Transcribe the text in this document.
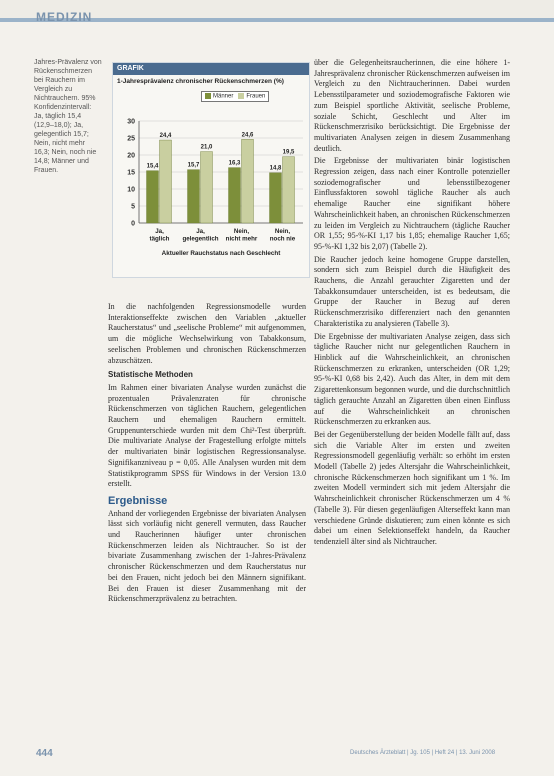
MEDIZIN
Jahres-Prävalenz von Rückenschmerzen bei Rauchern im Vergleich zu Nichtrauchern. 95% Konfidenzintervall: Ja, täglich 15,4 (12,9–18,0); Ja, gelegentlich 15,7; Nein, nicht mehr 16,3; Nein, noch nie 14,8; Männer und Frauen.
GRAFIK
1-Jahresprävalenz chronischer Rückenschmerzen (%)
Männer	Frauen
0
5
10
15
20
25
30
15,4
24,4
Ja,
täglich
15,7
21,0
Ja,
gelegentlich
16,3
24,6
Nein,
nicht mehr
14,8
19,5
Nein,
noch nie
Aktueller Rauchstatus nach Geschlecht

In die nachfolgenden Regressionsmodelle wurden Interaktionseffekte zwischen den Variablen „aktueller Raucherstatus“ und „seelische Probleme“ mit aufgenommen, um die mögliche Wechselwirkung von Tabakkonsum, seelischen Problemen und chronischen Rückenschmerzen abzuschätzen.

Statistische Methoden

Im Rahmen einer bivariaten Analyse wurden zunächst die prozentualen Prävalenzraten für chronische Rückenschmerzen von täglichen Rauchern, gelegentlichen Rauchern und ehemaligen Rauchern ermittelt. Gruppenunterschiede wurden mit dem Chi²-Test überprüft. Die multivariate Analyse der Fragestellung erfolgte mittels der multivariaten binär logistischen Regressionsanalyse. Signifikanzniveau p = 0,05. Alle Analysen wurden mit dem Statistikprogramm SPSS für Windows in der Version 13.0 erstellt.

Ergebnisse

Anhand der vorliegenden Ergebnisse der bivariaten Analysen lässt sich vorläufig nicht generell vermuten, dass Raucher und Raucherinnen häufiger unter chronischen Rückenschmerzen leiden als Nichtraucher. So ist der bivariate Zusammenhang zwischen der 1-Jahres-Prävalenz chronischer Rückenschmerzen und dem Raucherstatus nur bei den Frauen, nicht jedoch bei den Männern signifikant. Bei den Frauen ist dieser Zusammenhang mit der Rückenschmerzprävalenz zu betrachten.

über die Gelegenheitsraucherinnen, die eine höhere 1-Jahresprävalenz chronischer Rückenschmerzen aufweisen im Vergleich zu den Nichtraucherinnen. Dabei wurden Lebensstilparameter und soziodemografische Faktoren wie zum Beispiel sportliche Aktivität, seelische Probleme, soziale Schicht, Geschlecht und Alter im Rückenschmerzrisiko berücksichtigt. Die Ergebnisse der multivariaten Analysen zeigen in diesem Zusammenhang deutlich.

Die Ergebnisse der multivariaten binär logistischen Regression zeigen, dass nach einer Kontrolle potenzieller soziodemografischer und lebensstilbezogener Einflussfaktoren sowohl tägliche Raucher als auch ehemalige Raucher eine signifikant höhere Wahrscheinlichkeit haben, an chronischen Rückenschmerzen zu leiden im Vergleich zu Nichtrauchern (tägliche Raucher OR 1,55; 95-%-KI 1,17 bis 1,85; ehemalige Raucher 1,65; 95-%-KI 1,32 bis 2,07) (Tabelle 2).

Die Raucher jedoch keine homogene Gruppe darstellen, sondern sich zum Beispiel durch die Häufigkeit des Rauchens, die Anzahl gerauchter Zigaretten und der Tabakkonsumdauer unterscheiden, ist es bedeutsam, die Gruppe der Raucher in Bezug auf deren Rückenschmerzrisiko differenziert nach den genannten Charakteristika zu analysieren (Tabelle 3).

Die Ergebnisse der multivariaten Analyse zeigen, dass sich tägliche Raucher nicht nur gelegentlichen Rauchern in Hinblick auf die Wahrscheinlichkeit, an chronischen Rückenschmerzen zu erkranken, unterscheiden (OR 1,29; 95-%-KI 0,68 bis 2,42). Auch das Alter, in dem mit dem Zigarettenkonsum begonnen wurde, und die durchschnittlich täglich gerauchte Anzahl an Zigaretten üben einen Einfluss auf die Wahrscheinlichkeit an chronischen Rückenschmerzen zu erkranken aus.

Bei der Gegenüberstellung der beiden Modelle fällt auf, dass sich die Variable Alter im ersten und zweiten Regressionsmodell gegenläufig verhält: so erhöht im ersten Modell (Tabelle 2) jedes Altersjahr die Wahrscheinlichkeit, chronische Rückenschmerzen hoch signifikant um 1 %. Im zweiten Modell vermindert sich mit jedem Altersjahr die Wahrscheinlichkeit chronischer Rückenschmerzen um 4 % (Tabelle 3). Für diesen gegenläufigen Alterseffekt kann man verschiedene Gründe diskutieren; zum einen könnte es sich dabei um einen Selektionseffekt handeln, da Raucher tendenziell älter sind als Nichtraucher.

444	Deutsches Ärzteblatt | Jg. 105 | Heft 24 | 13. Juni 2008
